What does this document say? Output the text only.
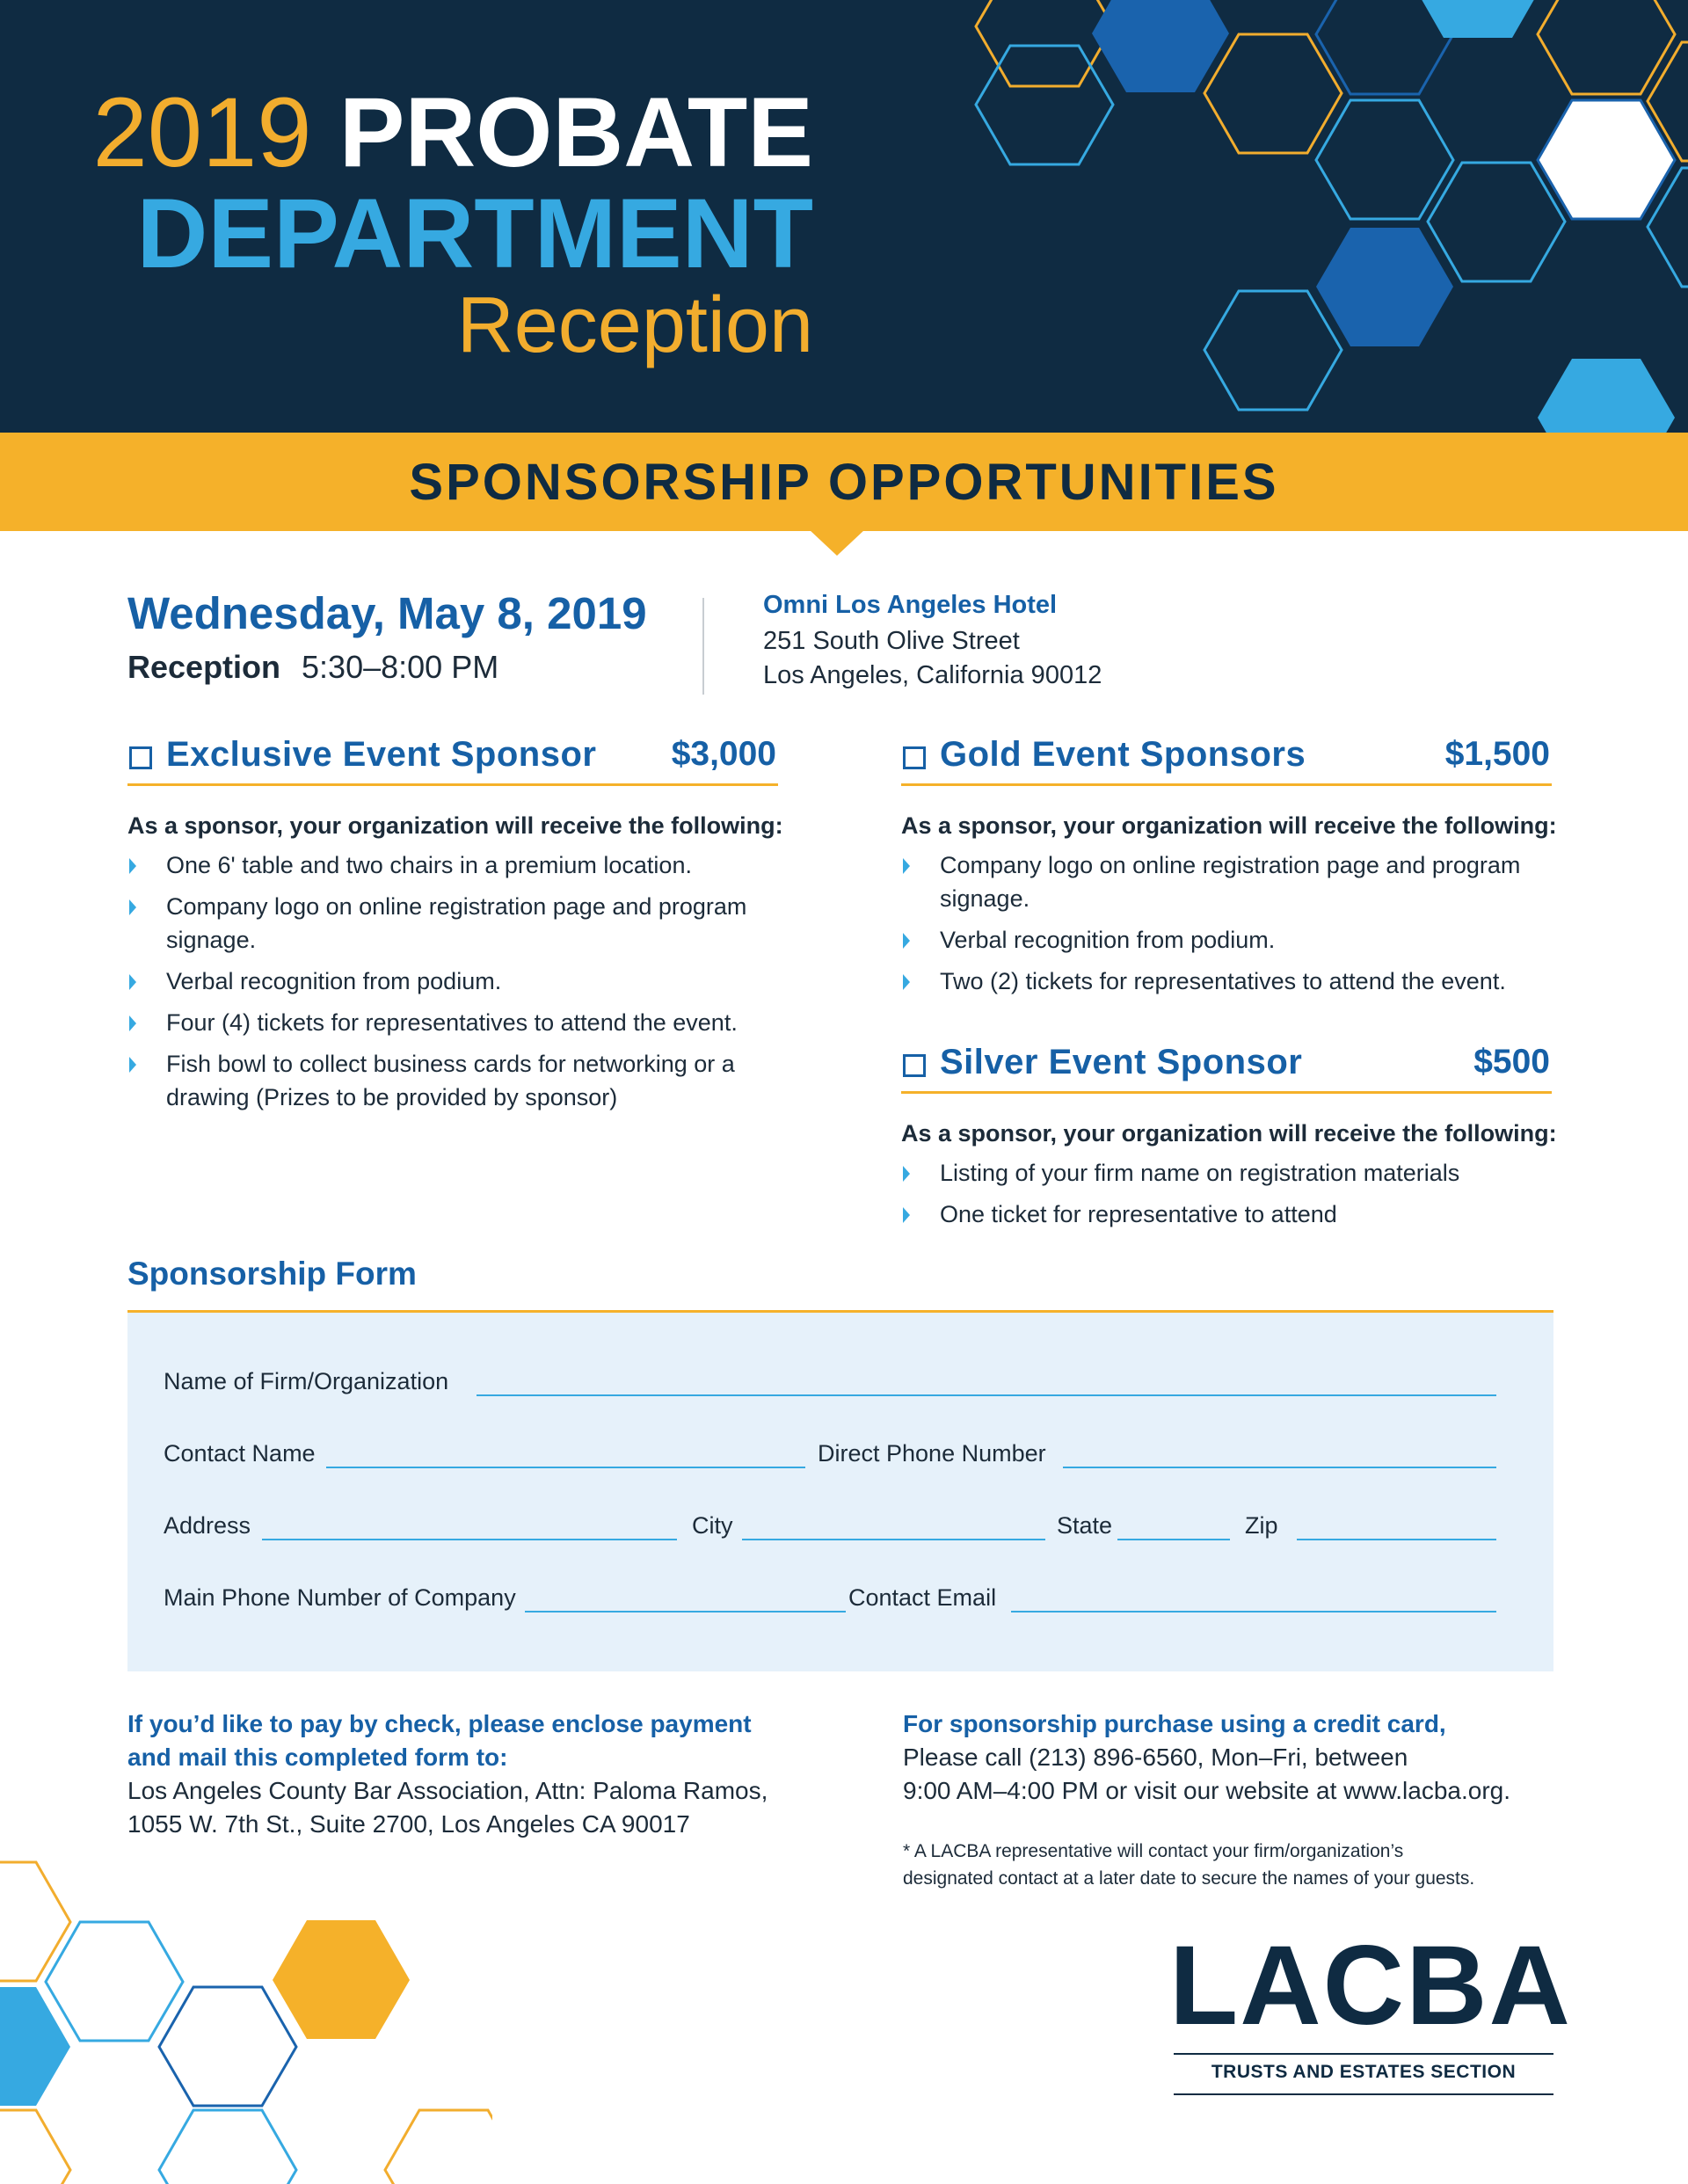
2019 PROBATE
DEPARTMENT
Reception
SPONSORSHIP OPPORTUNITIES
Wednesday, May 8, 2019
Reception 5:30–8:00 PM
Omni Los Angeles Hotel
251 South Olive Street
Los Angeles, California 90012
Exclusive Event Sponsor $3,000
As a sponsor, your organization will receive the following:
One 6' table and two chairs in a premium location.
Company logo on online registration page and program signage.
Verbal recognition from podium.
Four (4) tickets for representatives to attend the event.
Fish bowl to collect business cards for networking or a drawing (Prizes to be provided by sponsor)
Gold Event Sponsors	$1,500
As a sponsor, your organization will receive the following:
Company logo on online registration page and program signage.
Verbal recognition from podium.
Two (2) tickets for representatives to attend the event.
Silver Event Sponsor	$500
As a sponsor, your organization will receive the following:
Listing of your firm name on registration materials
One ticket for representative to attend
Sponsorship Form
Name of Firm/Organization
Contact Name	Direct Phone Number
Address	City	State	Zip
Main Phone Number of Company	Contact Email
If you’d like to pay by check, please enclose payment
and mail this completed form to:
Los Angeles County Bar Association, Attn: Paloma Ramos,
1055 W. 7th St., Suite 2700, Los Angeles CA 90017
For sponsorship purchase using a credit card,
Please call (213) 896-6560, Mon–Fri, between
9:00 AM–4:00 PM or visit our website at www.lacba.org.
* A LACBA representative will contact your firm/organization’s
designated contact at a later date to secure the names of your guests.
LACBA
TRUSTS AND ESTATES SECTION
